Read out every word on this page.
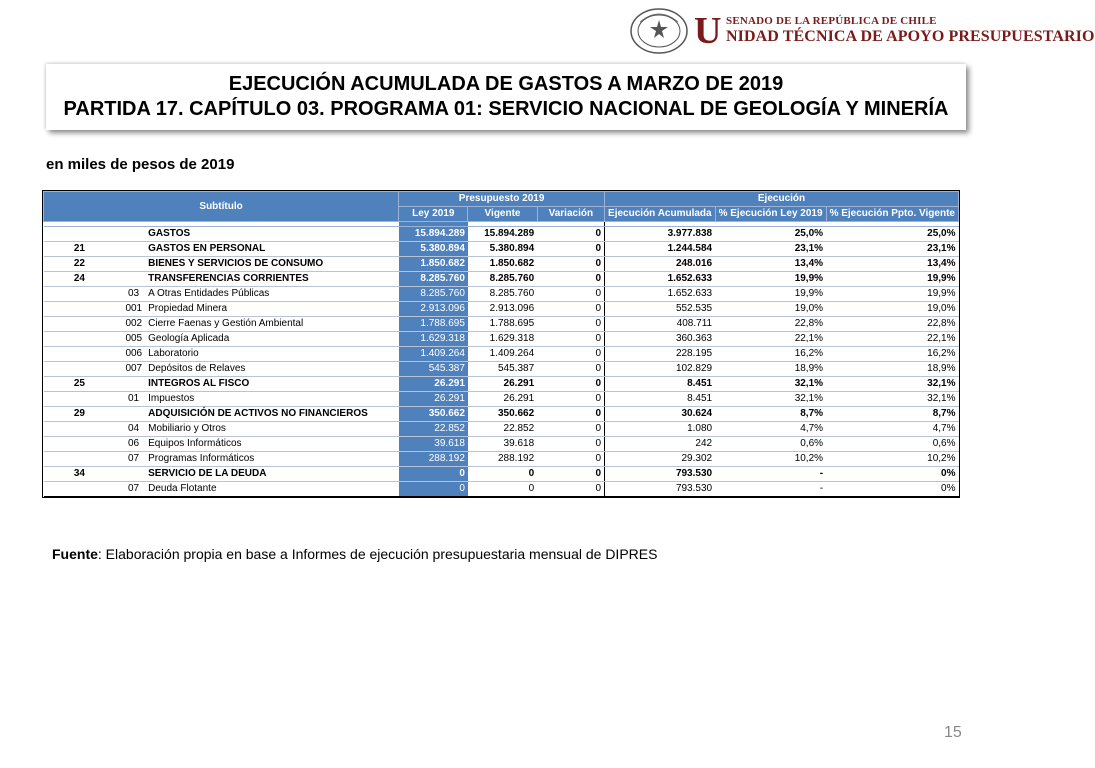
U SENADO DE LA REPÚBLICA DE CHILE
NIDAD TÉCNICA DE APOYO PRESUPUESTARIO
EJECUCIÓN ACUMULADA DE GASTOS A MARZO DE 2019
PARTIDA 17. CAPÍTULO 03. PROGRAMA 01: SERVICIO NACIONAL DE GEOLOGÍA Y MINERÍA
en miles de pesos de 2019
Subtítulo				Presupuesto 2019			Ejecución		
				Ley 2019	Vigente	Variación	Ejecución Acumulada	% Ejecución Ley 2019	% Ejecución Ppto. Vigente

			GASTOS	15.894.289	15.894.289	0	3.977.838	25,0%	25,0%
21			GASTOS EN PERSONAL	5.380.894	5.380.894	0	1.244.584	23,1%	23,1%
22			BIENES Y SERVICIOS DE CONSUMO	1.850.682	1.850.682	0	248.016	13,4%	13,4%
24			TRANSFERENCIAS CORRIENTES	8.285.760	8.285.760	0	1.652.633	19,9%	19,9%
		03	A Otras Entidades Públicas	8.285.760	8.285.760	0	1.652.633	19,9%	19,9%
		001	Propiedad Minera	2.913.096	2.913.096	0	552.535	19,0%	19,0%
		002	Cierre Faenas y Gestión Ambiental	1.788.695	1.788.695	0	408.711	22,8%	22,8%
		005	Geología Aplicada	1.629.318	1.629.318	0	360.363	22,1%	22,1%
		006	Laboratorio	1.409.264	1.409.264	0	228.195	16,2%	16,2%
		007	Depósitos de Relaves	545.387	545.387	0	102.829	18,9%	18,9%
25			INTEGROS AL FISCO	26.291	26.291	0	8.451	32,1%	32,1%
		01	Impuestos	26.291	26.291	0	8.451	32,1%	32,1%
29			ADQUISICIÓN DE ACTIVOS NO FINANCIEROS	350.662	350.662	0	30.624	8,7%	8,7%
		04	Mobiliario y Otros	22.852	22.852	0	1.080	4,7%	4,7%
		06	Equipos Informáticos	39.618	39.618	0	242	0,6%	0,6%
		07	Programas Informáticos	288.192	288.192	0	29.302	10,2%	10,2%
34			SERVICIO DE LA DEUDA	0	0	0	793.530	-	0%
		07	Deuda Flotante	0	0	0	793.530	-	0%
Fuente: Elaboración propia en base a Informes de ejecución presupuestaria mensual de DIPRES
15
